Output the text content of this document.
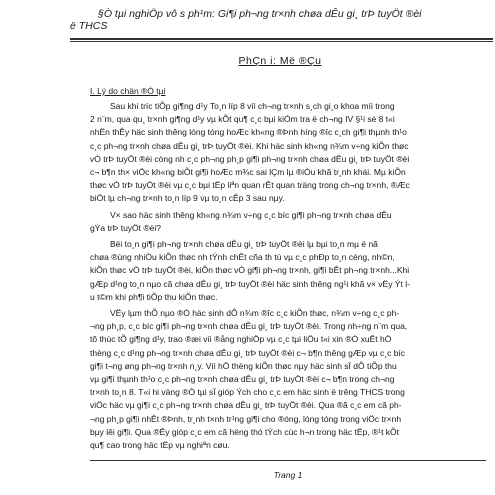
§Ò tµi nghiÖp vô s ph¹m: Gi¶i ph¬ng tr×nh chøa dÊu gi¸ trÞ tuyÖt ®èi
ë THCS
PhÇn i: Më ®Çu
I. Lý do chän ®Ò tµi

Sau khi tríc tiÕp gi¶ng d¹y To¸n líp 8 víi ch¬ng tr×nh s¸ch gi¸o khoa míi trong
2 n¨m, qua qu¸ tr×nh gi¶ng d¹y vµ kÕt qu¶ c¸c bµi kiÓm tra ë ch¬ng IV §¹i sè 8 t«i
nhËn thÊy häc sinh thêng lóng tóng hoÆc kh«ng ®Þnh híng ®îc c¸ch gi¶i thµnh th¹o
c¸c ph¬ng tr×nh chøa dÊu gi¸ trÞ tuyÖt ®èi. Khi häc sinh kh«ng n¾m v÷ng kiÕn thøc
vÒ trÞ tuyÖt ®èi còng nh c¸c ph¬ng ph¸p gi¶i ph¬ng tr×nh chøa dÊu gi¸ trÞ tuyÖt ®èi
c¬ b¶n th× viÖc kh«ng biÕt gi¶i hoÆc m¾c sai lÇm lµ ®iÒu khã tr¸nh khái. Mµ kiÕn
thøc vÒ trÞ tuyÖt ®èi vµ c¸c bµi tËp liªn quan rÊt quan träng trong ch¬ng tr×nh, ®Æc
biÖt lµ ch¬ng tr×nh to¸n líp 9 vµ to¸n cÊp 3 sau nµy.

V× sao häc sinh thêng kh«ng n¾m v÷ng c¸c bíc gi¶i ph¬ng tr×nh chøa dÊu
gÝa trÞ tuyÖt ®èi?

Bëi to¸n gi¶i ph¬ng tr×nh chøa dÊu gi¸ trÞ tuyÖt ®èi lµ bµi to¸n mµ ë nã
chøa ®ùng nhiÒu kiÕn thøc nh tÝnh chÊt cña th tù vµ c¸c phÐp to¸n céng, nh©n,
kiÕn thøc vÒ trÞ tuyÖt ®èi, kiÕn thøc vÒ gi¶i ph¬ng tr×nh, gi¶i bÊt ph¬ng tr×nh...Khi
gÆp d¹ng to¸n nµo cã chøa dÊu gi¸ trÞ tuyÖt ®èi häc sinh thêng ng¹i khã v× vËy Ýt l-
u t©m khi ph¶i tiÕp thu kiÕn thøc.

VËy lµm thÕ nµo ®Ó häc sinh dÔ n¾m ®îc c¸c kiÕn thøc, n¾m v÷ng c¸c ph-
¬ng ph¸p, c¸c bíc gi¶i ph¬ng tr×nh chøa dÊu gi¸ trÞ tuyÖt ®èi. Trong nh÷ng n¨m qua,
tõ thùc tÕ gi¶ng d¹y, trao ®æi víi ®ång nghiÖp vµ c¸c tµi liÖu t«i xin ®Ò xuÊt hÖ
thèng c¸c d¹ng ph¬ng tr×nh chøa dÊu gi¸ trÞ tuyÖt ®èi c¬ b¶n thêng gÆp vµ c¸c bíc
gi¶i t¬ng øng ph¬ng tr×nh n¸y. Víi hÖ thèng kiÕn thøc nµy häc sinh sÏ dÔ tiÕp thu
vµ gi¶i thµnh th¹o c¸c ph¬ng tr×nh chøa dÊu gi¸ trÞ tuyÖt ®èi c¬ b¶n trong ch¬ng
tr×nh to¸n 8. T«i hi väng ®Ò tµi sÏ gióp Ých cho c¸c em häc sinh ë trêng THCS trong
viÖc häc vµ gi¶i c¸c ph¬ng tr×nh chøa dÊu gi¸ trÞ tuyÖt ®èi. Qua ®ã c¸c em cã ph-
¬ng ph¸p gi¶i nhÊt ®Þnh, tr¸nh t×nh tr¹ng gi¶i cho ®óng, lóng tóng trong viÖc tr×nh
bµy lêi gi¶i. Qua ®Êy gióp c¸c em cã hëng thó tÝch cùc h¬n trong häc tËp, ®¹t kÕt
qu¶ cao trong häc tËp vµ nghiªn cøu.

Trang 1
